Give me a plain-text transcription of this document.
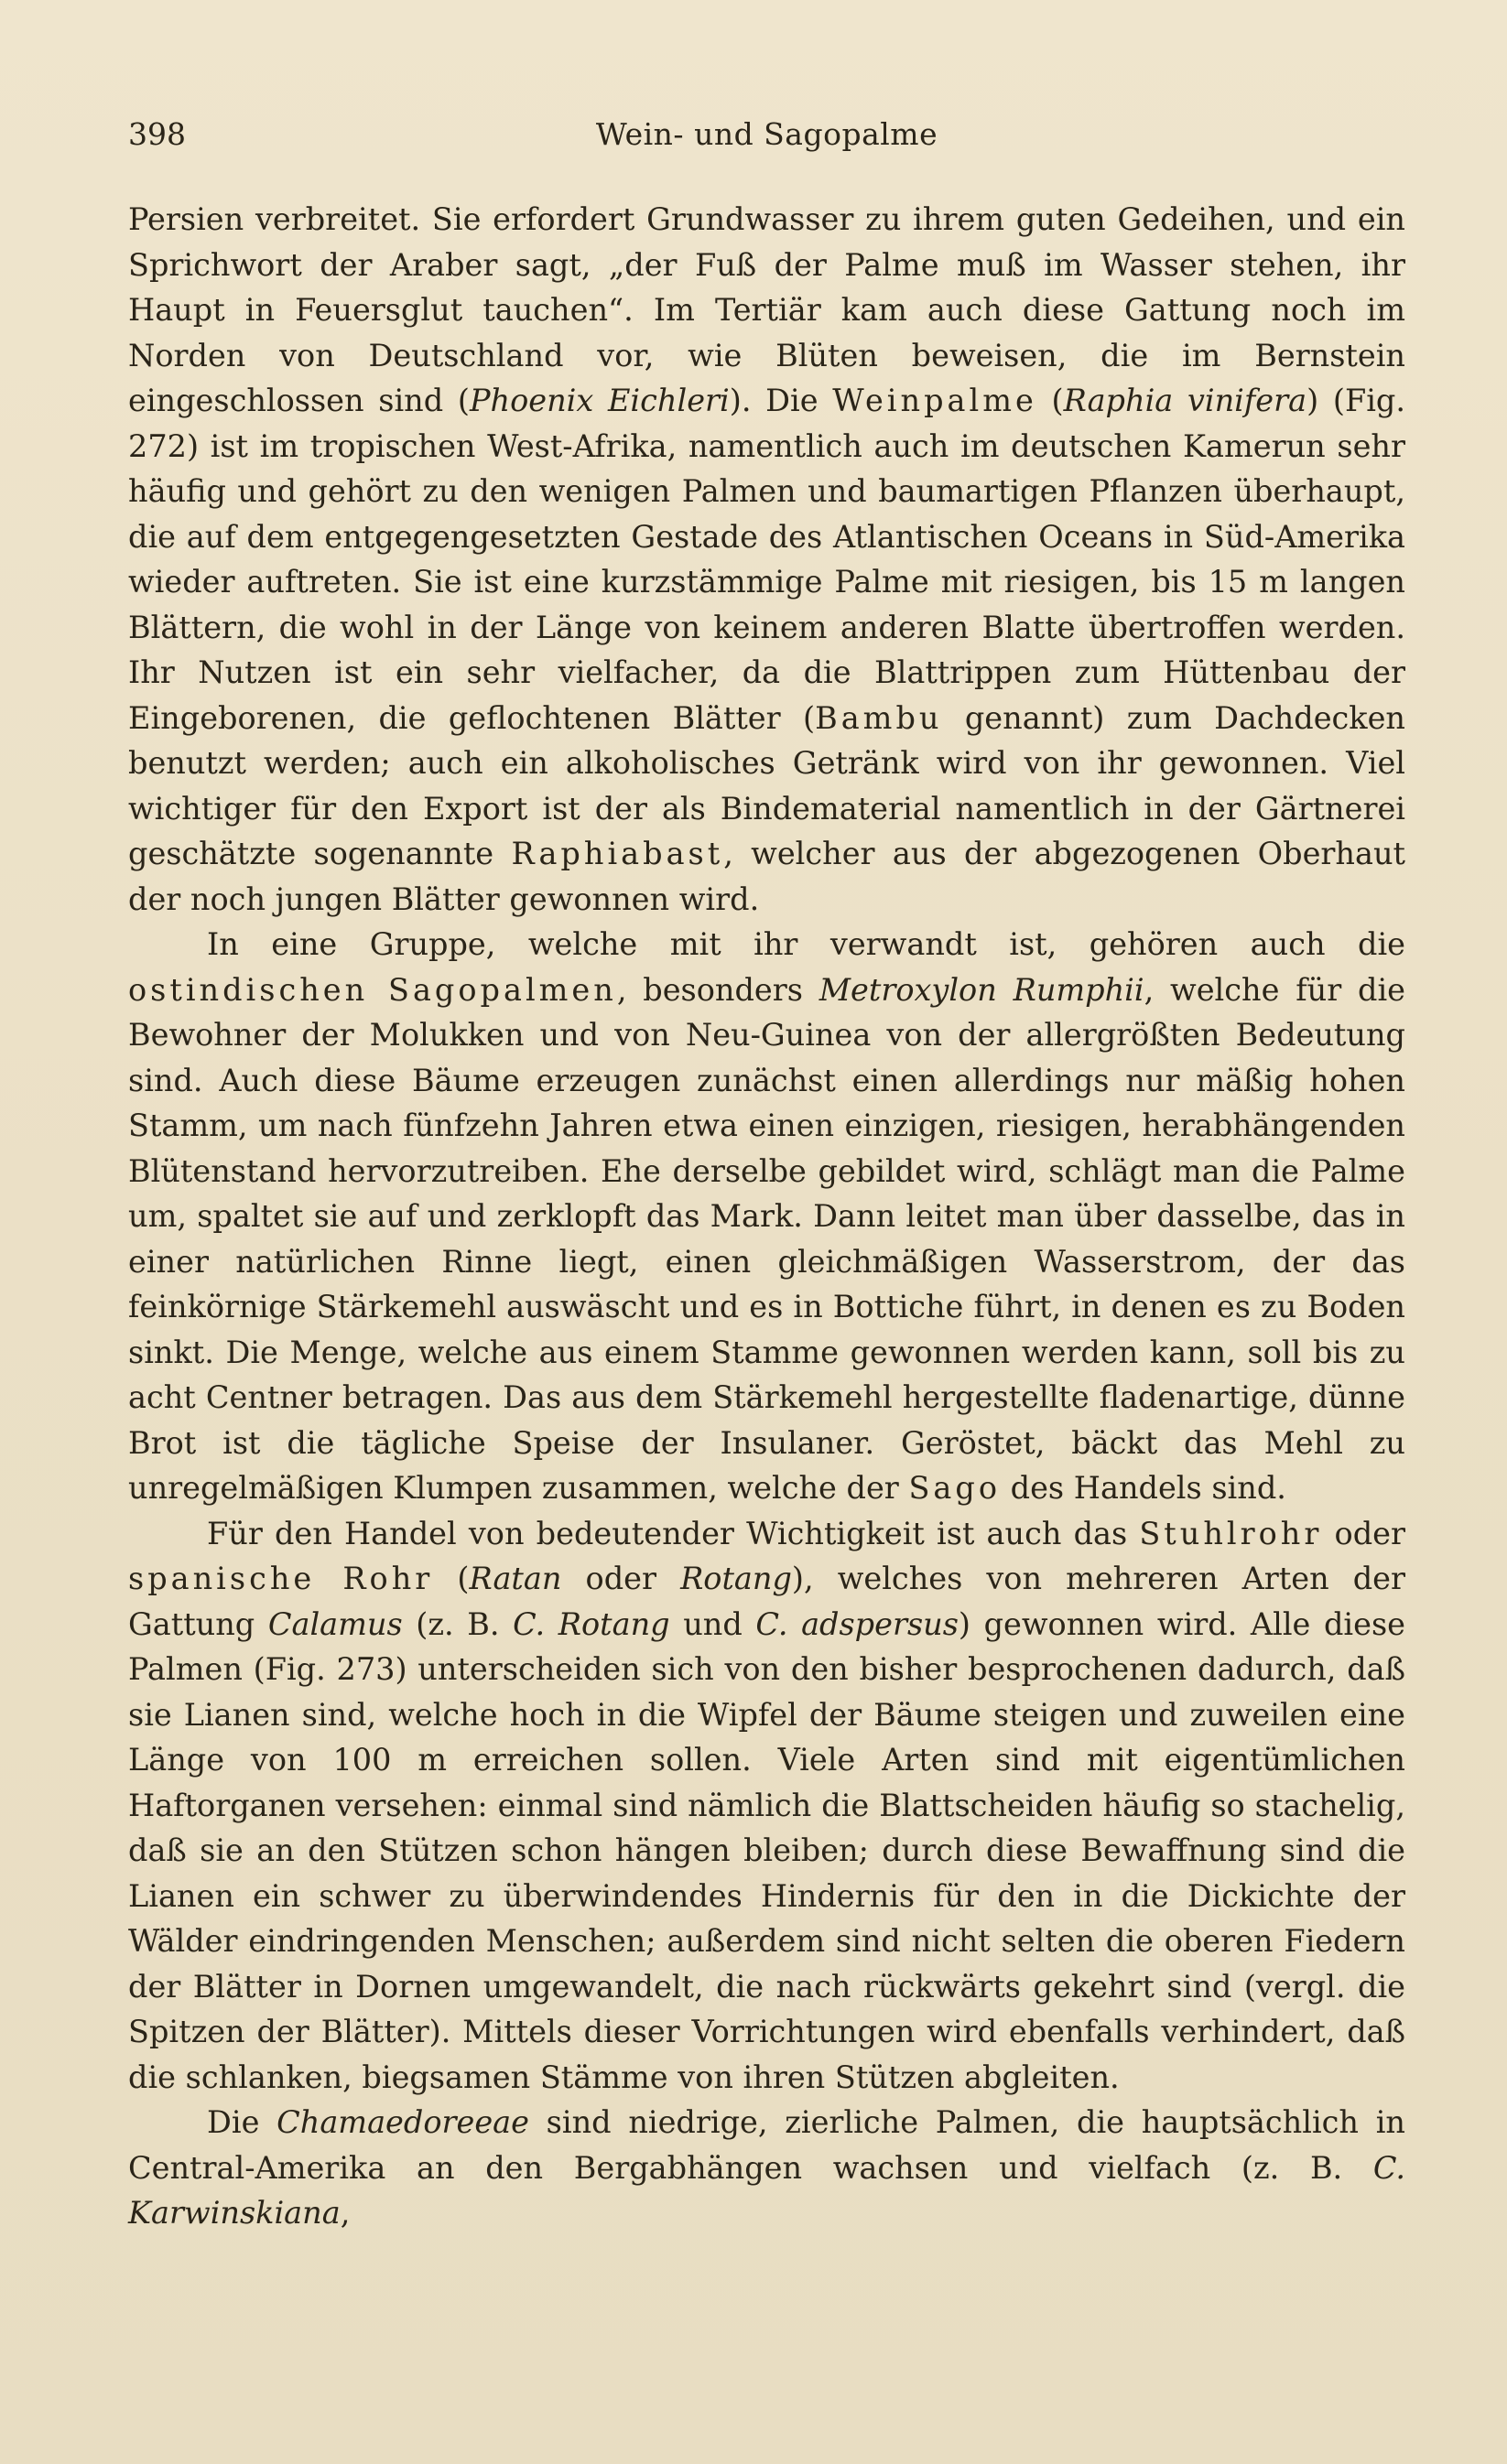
Wein- und Sagopalme
398

Persien verbreitet. Sie erfordert Grundwasser zu ihrem guten Gedeihen, und ein Sprichwort der Araber sagt, „der Fuß der Palme muß im Wasser stehen, ihr Haupt in Feuersglut tauchen“. Im Tertiär kam auch diese Gattung noch im Norden von Deutschland vor, wie Blüten beweisen, die im Bernstein eingeschlossen sind (Phoenix Eichleri). Die Weinpalme (Raphia vinifera) (Fig. 272) ist im tropischen West-Afrika, namentlich auch im deutschen Kamerun sehr häufig und gehört zu den wenigen Palmen und baumartigen Pflanzen überhaupt, die auf dem entgegengesetzten Gestade des Atlantischen Oceans in Süd-Amerika wieder auftreten. Sie ist eine kurzstämmige Palme mit riesigen, bis 15 m langen Blättern, die wohl in der Länge von keinem anderen Blatte übertroffen werden. Ihr Nutzen ist ein sehr vielfacher, da die Blattrippen zum Hüttenbau der Eingeborenen, die geflochtenen Blätter (Bambu genannt) zum Dachdecken benutzt werden; auch ein alkoholisches Getränk wird von ihr gewonnen. Viel wichtiger für den Export ist der als Bindematerial namentlich in der Gärtnerei geschätzte sogenannte Raphiabast, welcher aus der abgezogenen Oberhaut der noch jungen Blätter gewonnen wird.

In eine Gruppe, welche mit ihr verwandt ist, gehören auch die ostindischen Sagopalmen, besonders Metroxylon Rumphii, welche für die Bewohner der Molukken und von Neu-Guinea von der allergrößten Bedeutung sind. Auch diese Bäume erzeugen zunächst einen allerdings nur mäßig hohen Stamm, um nach fünfzehn Jahren etwa einen einzigen, riesigen, herabhängenden Blütenstand hervorzutreiben. Ehe derselbe gebildet wird, schlägt man die Palme um, spaltet sie auf und zerklopft das Mark. Dann leitet man über dasselbe, das in einer natürlichen Rinne liegt, einen gleichmäßigen Wasserstrom, der das feinkörnige Stärkemehl auswäscht und es in Bottiche führt, in denen es zu Boden sinkt. Die Menge, welche aus einem Stamme gewonnen werden kann, soll bis zu acht Centner betragen. Das aus dem Stärkemehl hergestellte fladenartige, dünne Brot ist die tägliche Speise der Insulaner. Geröstet, bäckt das Mehl zu unregelmäßigen Klumpen zusammen, welche der Sago des Handels sind.

Für den Handel von bedeutender Wichtigkeit ist auch das Stuhlrohr oder spanische Rohr (Ratan oder Rotang), welches von mehreren Arten der Gattung Calamus (z. B. C. Rotang und C. adspersus) gewonnen wird. Alle diese Palmen (Fig. 273) unterscheiden sich von den bisher besprochenen dadurch, daß sie Lianen sind, welche hoch in die Wipfel der Bäume steigen und zuweilen eine Länge von 100 m erreichen sollen. Viele Arten sind mit eigentümlichen Haftorganen versehen: einmal sind nämlich die Blattscheiden häufig so stachelig, daß sie an den Stützen schon hängen bleiben; durch diese Bewaffnung sind die Lianen ein schwer zu überwindendes Hindernis für den in die Dickichte der Wälder eindringenden Menschen; außerdem sind nicht selten die oberen Fiedern der Blätter in Dornen umgewandelt, die nach rückwärts gekehrt sind (vergl. die Spitzen der Blätter). Mittels dieser Vorrichtungen wird ebenfalls verhindert, daß die schlanken, biegsamen Stämme von ihren Stützen abgleiten.

Die Chamaedoreeae sind niedrige, zierliche Palmen, die hauptsächlich in Central-Amerika an den Bergabhängen wachsen und vielfach (z. B. C. Karwinskiana,
